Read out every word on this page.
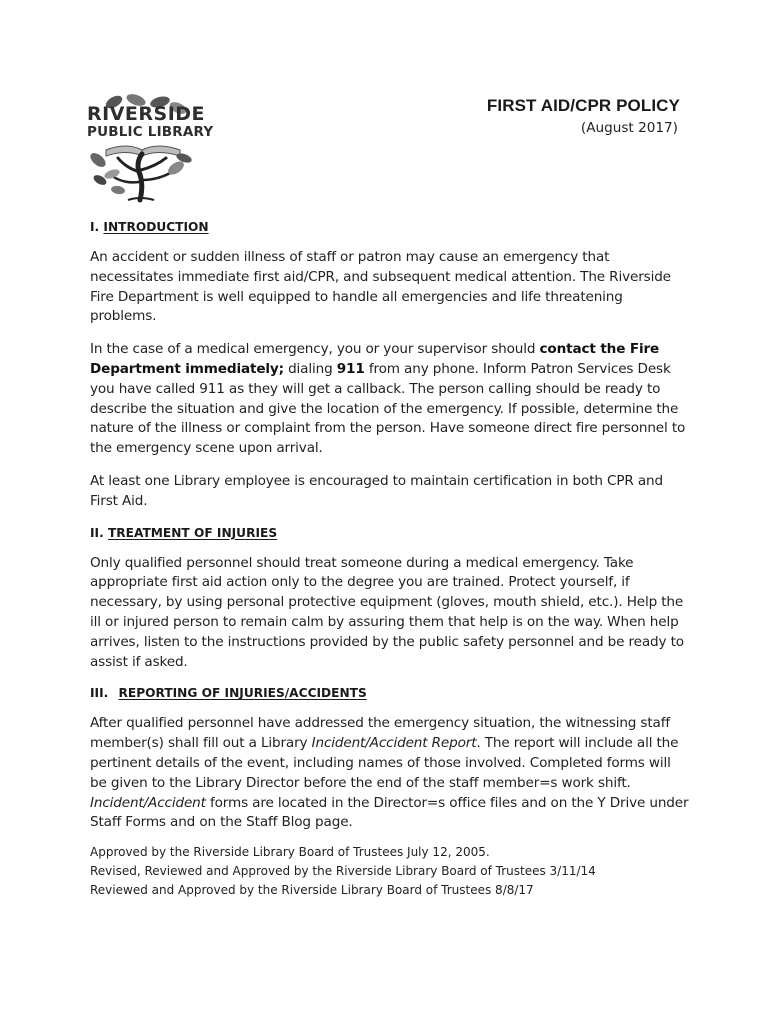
RIVERSIDE
PUBLIC LIBRARY
FIRST AID/CPR POLICY
(August 2017)
I. INTRODUCTION

An accident or sudden illness of staff or patron may cause an emergency that necessitates immediate first aid/CPR, and subsequent medical attention. The Riverside Fire Department is well equipped to handle all emergencies and life threatening problems.

In the case of a medical emergency, you or your supervisor should contact the Fire Department immediately; dialing 911 from any phone. Inform Patron Services Desk you have called 911 as they will get a callback. The person calling should be ready to describe the situation and give the location of the emergency. If possible, determine the nature of the illness or complaint from the person. Have someone direct fire personnel to the emergency scene upon arrival.

At least one Library employee is encouraged to maintain certification in both CPR and First Aid.

II. TREATMENT OF INJURIES

Only qualified personnel should treat someone during a medical emergency. Take appropriate first aid action only to the degree you are trained. Protect yourself, if necessary, by using personal protective equipment (gloves, mouth shield, etc.). Help the ill or injured person to remain calm by assuring them that help is on the way. When help arrives, listen to the instructions provided by the public safety personnel and be ready to assist if asked.

III. REPORTING OF INJURIES/ACCIDENTS

After qualified personnel have addressed the emergency situation, the witnessing staff member(s) shall fill out a Library Incident/Accident Report. The report will include all the pertinent details of the event, including names of those involved. Completed forms will be given to the Library Director before the end of the staff member=s work shift. Incident/Accident forms are located in the Director=s office files and on the Y Drive under Staff Forms and on the Staff Blog page.

Approved by the Riverside Library Board of Trustees July 12, 2005.
Revised, Reviewed and Approved by the Riverside Library Board of Trustees 3/11/14
Reviewed and Approved by the Riverside Library Board of Trustees 8/8/17
